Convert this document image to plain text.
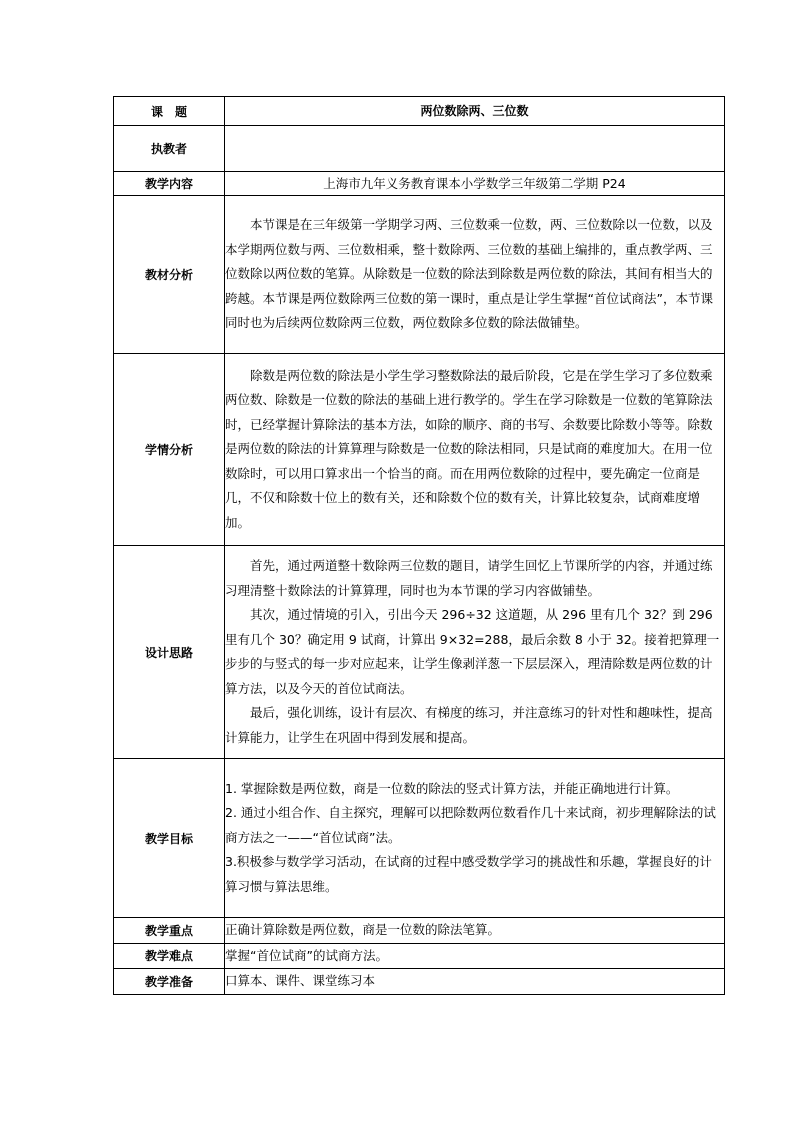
课　题	两位数除两、三位数
执教者	
教学内容	上海市九年义务教育课本小学数学三年级第二学期 P24
教材分析	本节课是在三年级第一学期学习两、三位数乘一位数，两、三位数除以一位数，以及本学期两位数与两、三位数相乘，整十数除两、三位数的基础上编排的，重点教学两、三位数除以两位数的笔算。从除数是一位数的除法到除数是两位数的除法，其间有相当大的跨越。本节课是两位数除两三位数的第一课时，重点是让学生掌握“首位试商法”，本节课同时也为后续两位数除两三位数，两位数除多位数的除法做铺垫。

学情分析	除数是两位数的除法是小学生学习整数除法的最后阶段，它是在学生学习了多位数乘两位数、除数是一位数的除法的基础上进行教学的。学生在学习除数是一位数的笔算除法时，已经掌握计算除法的基本方法，如除的顺序、商的书写、余数要比除数小等等。除数是两位数的除法的计算算理与除数是一位数的除法相同，只是试商的难度加大。在用一位数除时，可以用口算求出一个恰当的商。而在用两位数除的过程中，要先确定一位商是几，不仅和除数十位上的数有关，还和除数个位的数有关，计算比较复杂，试商难度增加。

设计思路	首先，通过两道整十数除两三位数的题目，请学生回忆上节课所学的内容，并通过练习理清整十数除法的计算算理，同时也为本节课的学习内容做铺垫。

其次，通过情境的引入，引出今天 296÷32 这道题，从 296 里有几个 32？到 296 里有几个 30？确定用 9 试商，计算出 9×32=288，最后余数 8 小于 32。接着把算理一步步的与竖式的每一步对应起来，让学生像剥洋葱一下层层深入，理清除数是两位数的计算方法，以及今天的首位试商法。

最后，强化训练，设计有层次、有梯度的练习，并注意练习的针对性和趣味性，提高计算能力，让学生在巩固中得到发展和提高。

教学目标	1. 掌握除数是两位数，商是一位数的除法的竖式计算方法，并能正确地进行计算。

2. 通过小组合作、自主探究，理解可以把除数两位数看作几十来试商，初步理解除法的试商方法之一——“首位试商”法。

3.积极参与数学学习活动，在试商的过程中感受数学学习的挑战性和乐趣，掌握良好的计算习惯与算法思维。

教学重点	正确计算除数是两位数，商是一位数的除法笔算。
教学难点	掌握“首位试商”的试商方法。
教学准备	口算本、课件、课堂练习本
